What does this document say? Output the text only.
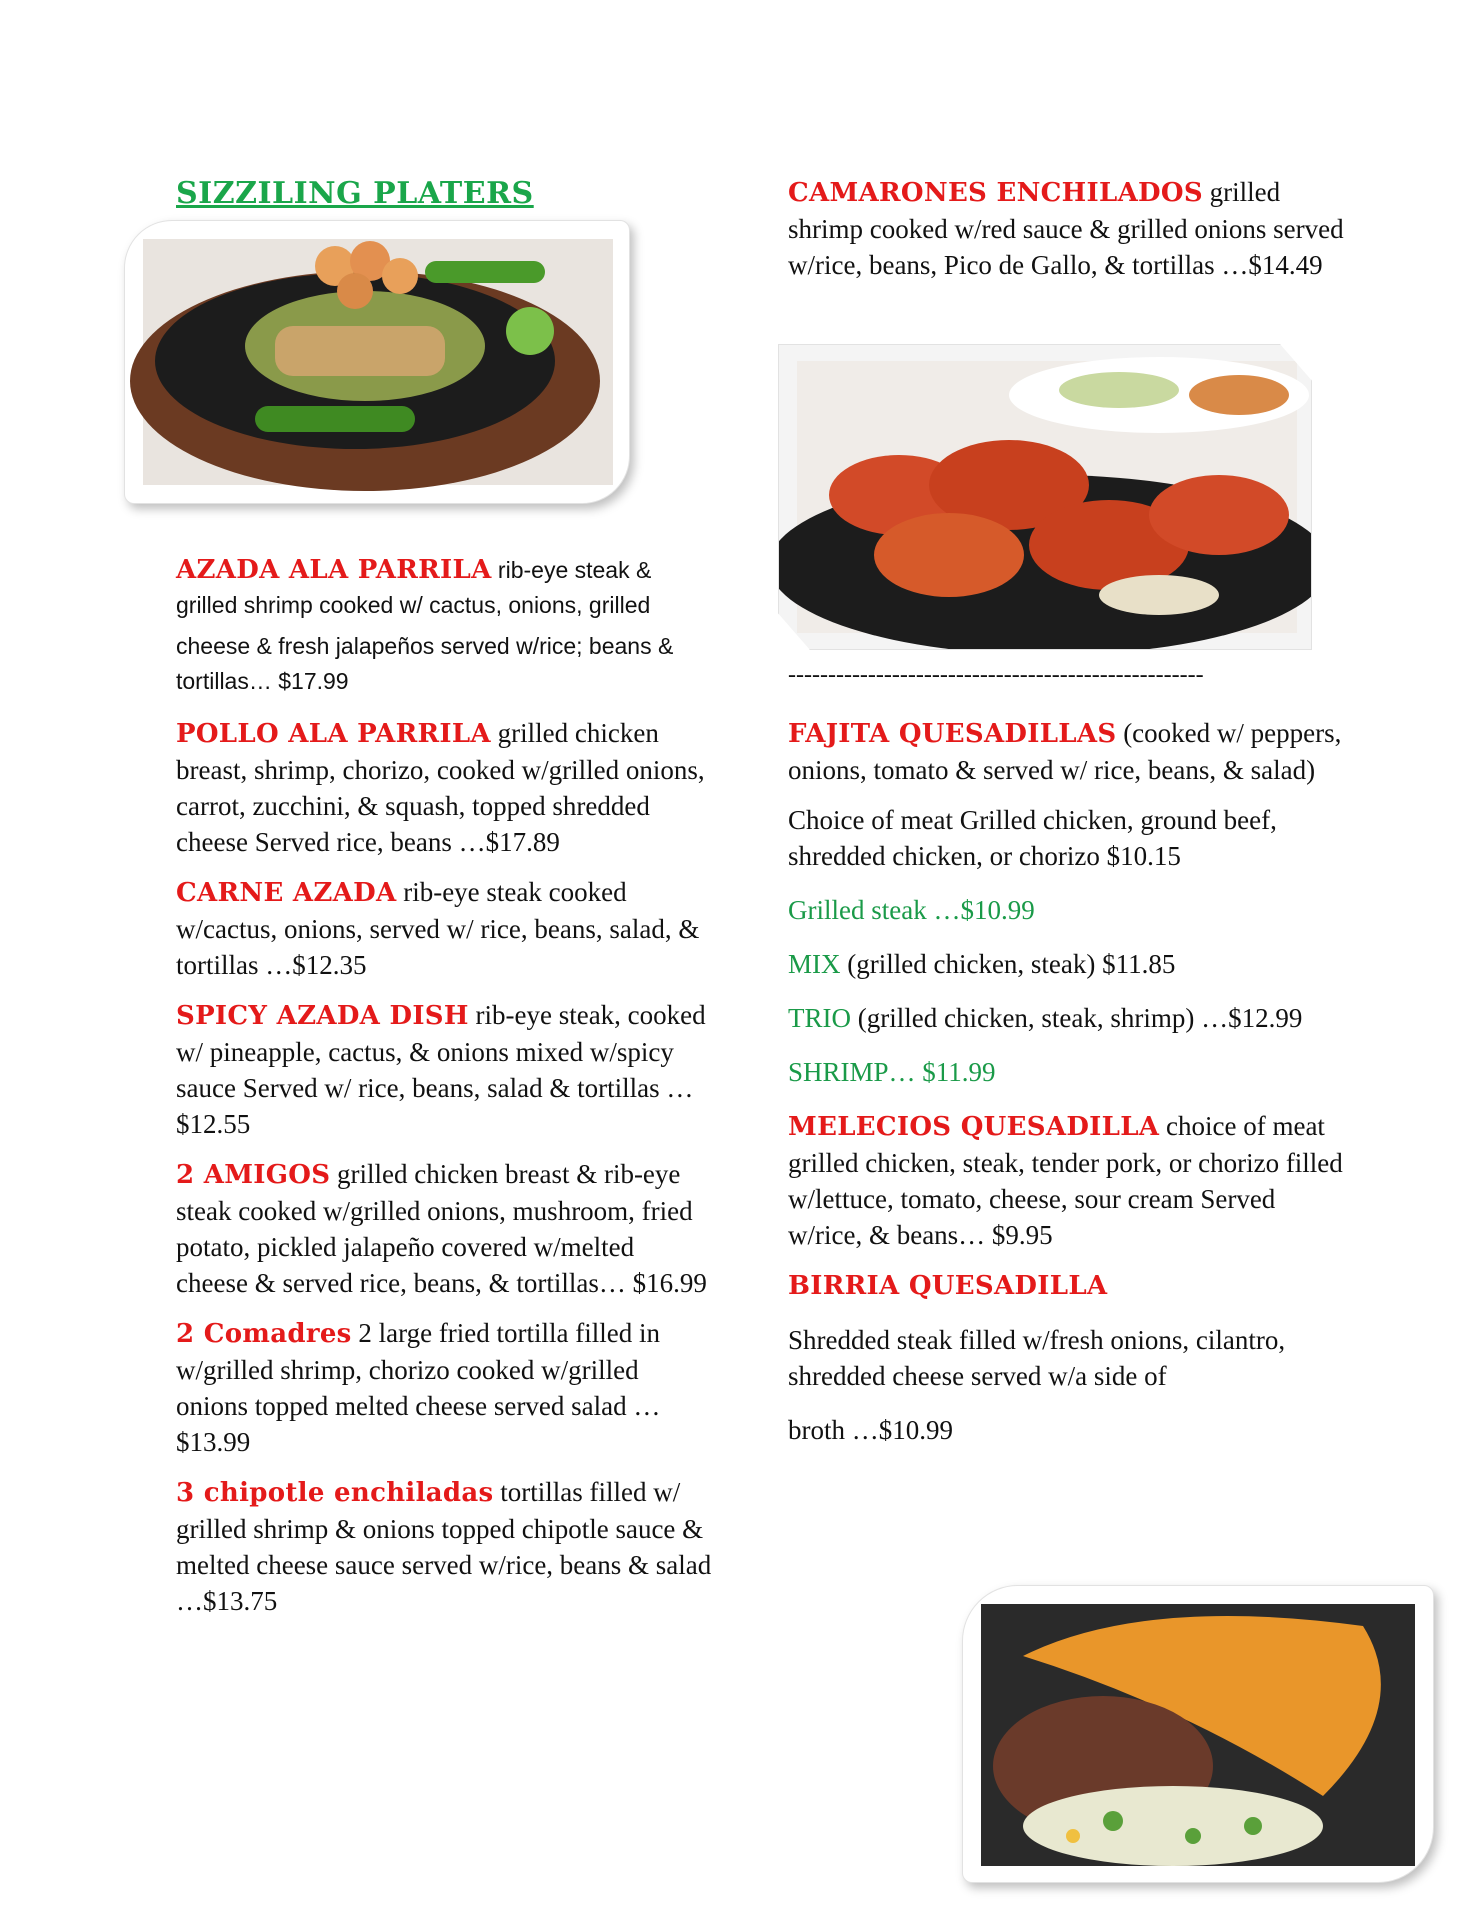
SIZZILING PLATERS
AZADA ALA PARRILA rib-eye steak & grilled shrimp cooked w/ cactus, onions, grilled
cheese & fresh jalapeños served w/rice; beans & tortillas… $17.99
POLLO ALA PARRILA grilled chicken breast, shrimp, chorizo, cooked w/grilled onions, carrot, zucchini, & squash, topped shredded cheese Served rice, beans …$17.89
CARNE AZADA rib-eye steak cooked w/cactus, onions, served w/ rice, beans, salad, & tortillas …$12.35
SPICY AZADA DISH rib-eye steak, cooked w/ pineapple, cactus, & onions mixed w/spicy sauce Served w/ rice, beans, salad & tortillas …$12.55
2 AMIGOS grilled chicken breast & rib-eye steak cooked w/grilled onions, mushroom, fried potato, pickled jalapeño covered w/melted cheese & served rice, beans, & tortillas… $16.99
2 Comadres 2 large fried tortilla filled in w/grilled shrimp, chorizo cooked w/grilled onions topped melted cheese served salad …$13.99
3 chipotle enchiladas tortillas filled w/ grilled shrimp & onions topped chipotle sauce & melted cheese sauce served w/rice, beans & salad …$13.75
CAMARONES ENCHILADOS grilled shrimp cooked w/red sauce & grilled onions served w/rice, beans, Pico de Gallo, & tortillas …$14.49
----------------------------------------------------
FAJITA QUESADILLAS (cooked w/ peppers, onions, tomato & served w/ rice, beans, & salad)
Choice of meat Grilled chicken, ground beef, shredded chicken, or chorizo $10.15
Grilled steak …$10.99
MIX (grilled chicken, steak) $11.85
TRIO (grilled chicken, steak, shrimp) …$12.99
SHRIMP… $11.99
MELECIOS QUESADILLA choice of meat grilled chicken, steak, tender pork, or chorizo filled w/lettuce, tomato, cheese, sour cream Served w/rice, & beans… $9.95
BIRRIA QUESADILLA
Shredded steak filled w/fresh onions, cilantro, shredded cheese served w/a side of
broth …$10.99
